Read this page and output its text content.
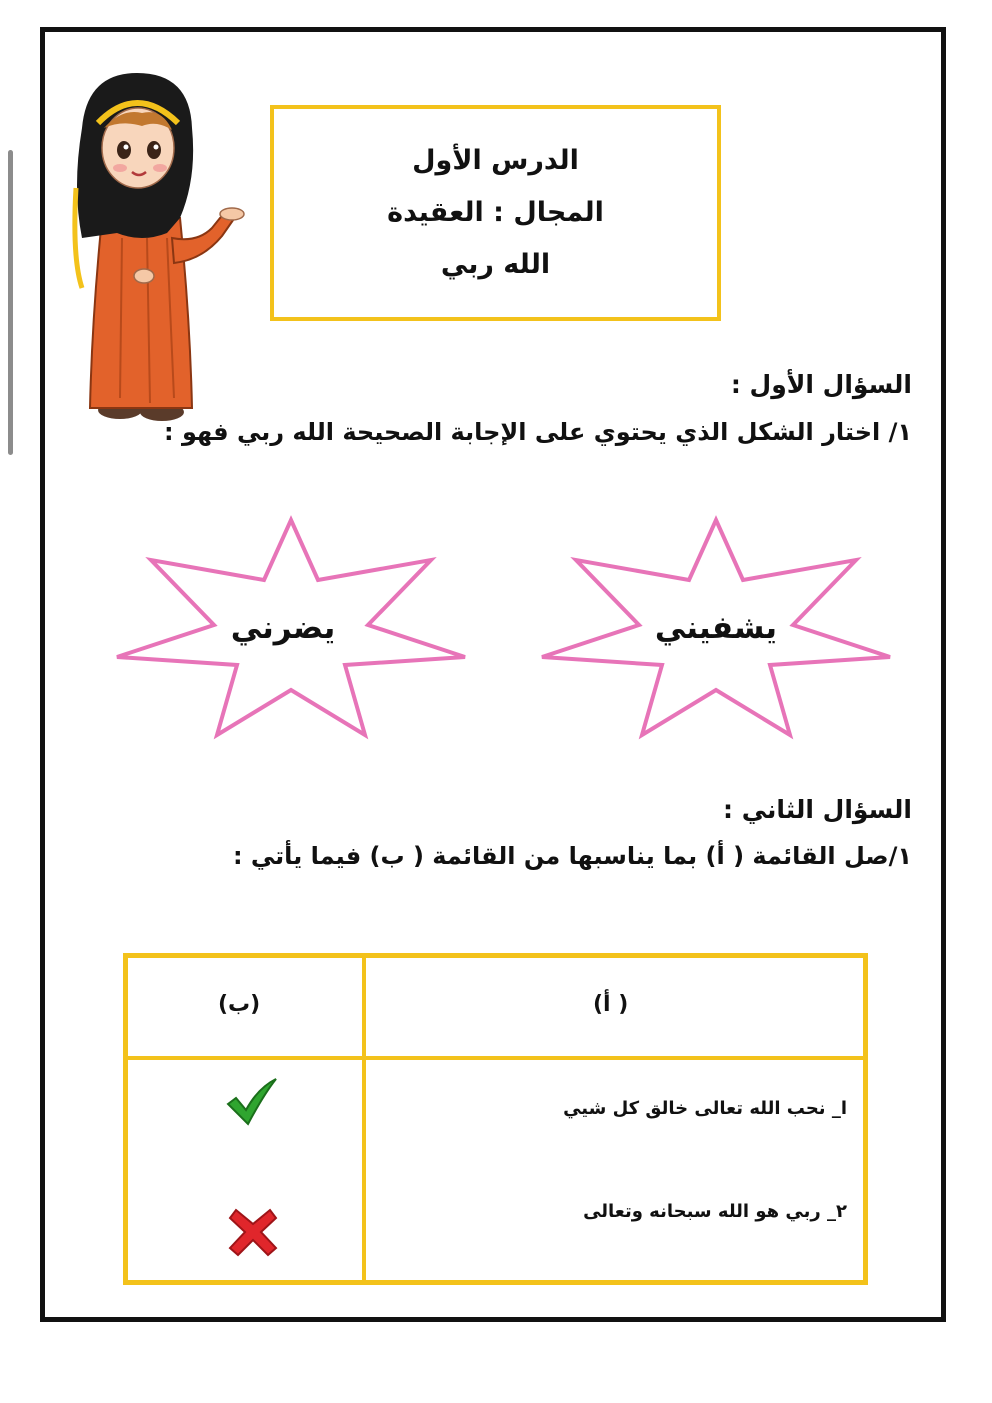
الدرس الأول
المجال : العقيدة
الله ربي
السؤال الأول :
١/ اختار الشكل الذي يحتوي على الإجابة الصحيحة الله ربي فهو :
يشفيني
يضرني
السؤال الثاني :
١/صل القائمة ( أ) بما يناسبها من القائمة ( ب) فيما يأتي :
(ب)	( أ)
ا_ نحب الله تعالى خالق كل شيي
٢_ ربي هو الله سبحانه وتعالى
